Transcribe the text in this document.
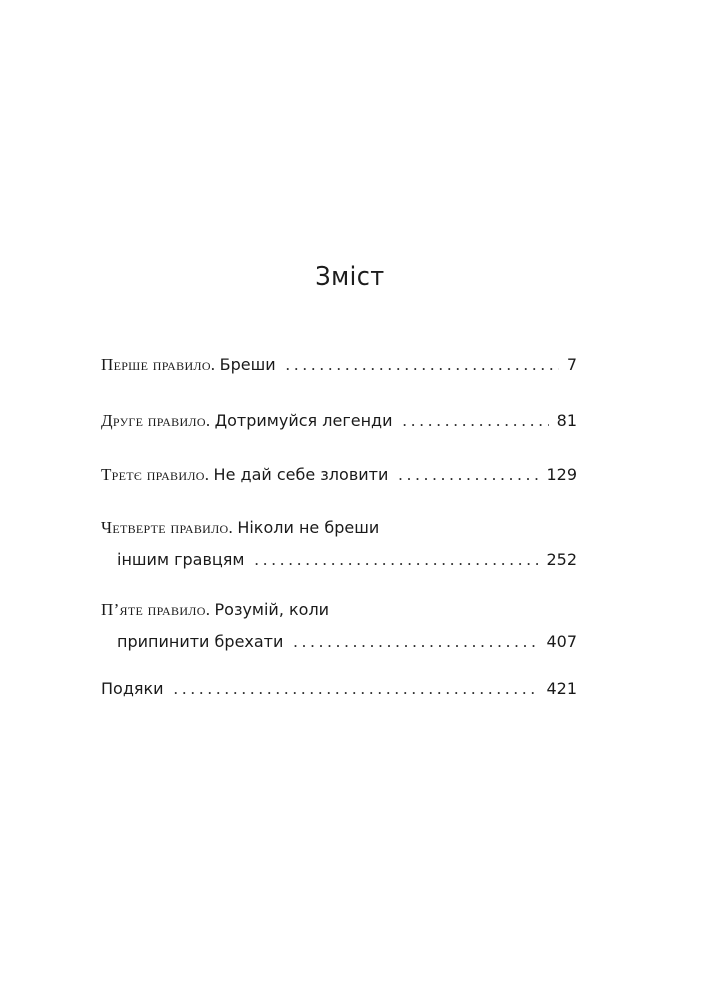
Зміст
Перше правило.
Бреши . . .	7
Друге правило.
Дотримуйся легенди . . .	81
Третє правило.
Не дай себе зловити . . .	129
Четверте правило.
Ніколи не бреши
іншим гравцям . . .	252
П’яте правило.
Розумій, коли
припинити брехати . . .	407
Подяки . . .	421
